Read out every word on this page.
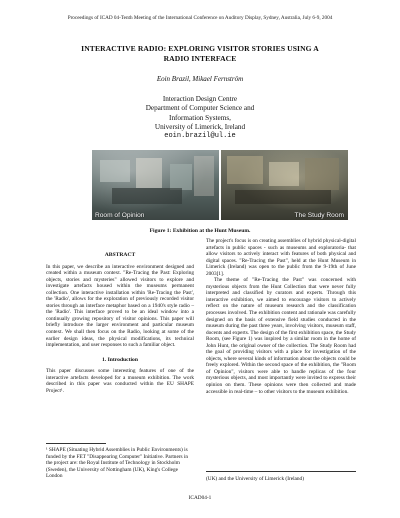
Proceedings of ICAD 04-Tenth Meeting of the International Conference on Auditory Display, Sydney, Australia, July 6-9, 2004
INTERACTIVE RADIO: EXPLORING VISITOR STORIES USING A
RADIO INTERFACE
Eoin Brazil, Mikael Fernström
Interaction Design Centre
Department of Computer Science and
Information Systems,
University of Limerick, Ireland
eoin.brazil@ul.ie
Room of Opinion	The Study Room
Figure 1: Exhibition at the Hunt Museum.
ABSTRACT

In this paper, we describe an interactive environment designed and created within a museum context. "Re-Tracing the Past: Exploring objects, stories and mysteries" allowed visitors to explore and investigate artefacts housed within the museums permanent collection. One interactive installation within 'Re-Tracing the Past', the 'Radio', allows for the exploration of previously recorded visitor stories through an interface metaphor based on a 1940's style radio – the 'Radio'. This interface proved to be an ideal window into a continually growing repository of visitor opinions. This paper will briefly introduce the larger environment and particular museum context. We shall then focus on the Radio, looking at some of the earlier design ideas, the physical modifications, its technical implementation, and user responses to such a familiar object.

1. Introduction

This paper discusses some interesting features of one of the interactive artefacts developed for a museum exhibition. The work described in this paper was conducted within the EU SHAPE Project¹.

The project's focus is on creating assemblies of hybrid physical-digital artefacts in public spaces - such as museums and exploratoria- that allow visitors to actively interact with features of both physical and digital spaces. "Re-Tracing the Past", held at the Hunt Museum in Limerick (Ireland) was open to the public from the 9-19th of June 2003[1].

The theme of "Re-Tracing the Past" was concerned with mysterious objects from the Hunt Collection that were never fully interpreted and classified by curators and experts. Through this interactive exhibition, we aimed to encourage visitors to actively reflect on the nature of museum research and the classification processes involved. The exhibition content and rationale was carefully designed on the basis of extensive field studies conducted in the museum during the past three years, involving visitors, museum staff, docents and experts. The design of the first exhibition space, the Study Room, (see Figure 1) was inspired by a similar room in the home of John Hunt, the original owner of the collection. The Study Room had the goal of providing visitors with a place for investigation of the objects, where several kinds of information about the objects could be freely explored. Within the second space of the exhibition, the "Room of Opinion", visitors were able to handle replicas of the four mysterious objects, and most importantly were invited to express their opinion on them. These opinions were then collected and made accessible in real-time – to other visitors to the museum exhibition.

¹ SHAPE (Situating Hybrid Assemblies in Public Environments) is funded by the FET "Disappearing Computer" Initiative. Partners in the project are: the Royal Institute of Technology in Stockholm (Sweden), the University of Nottingham (UK), King's College London	(UK) and the University of Limerick (Ireland)
ICAD04-1
